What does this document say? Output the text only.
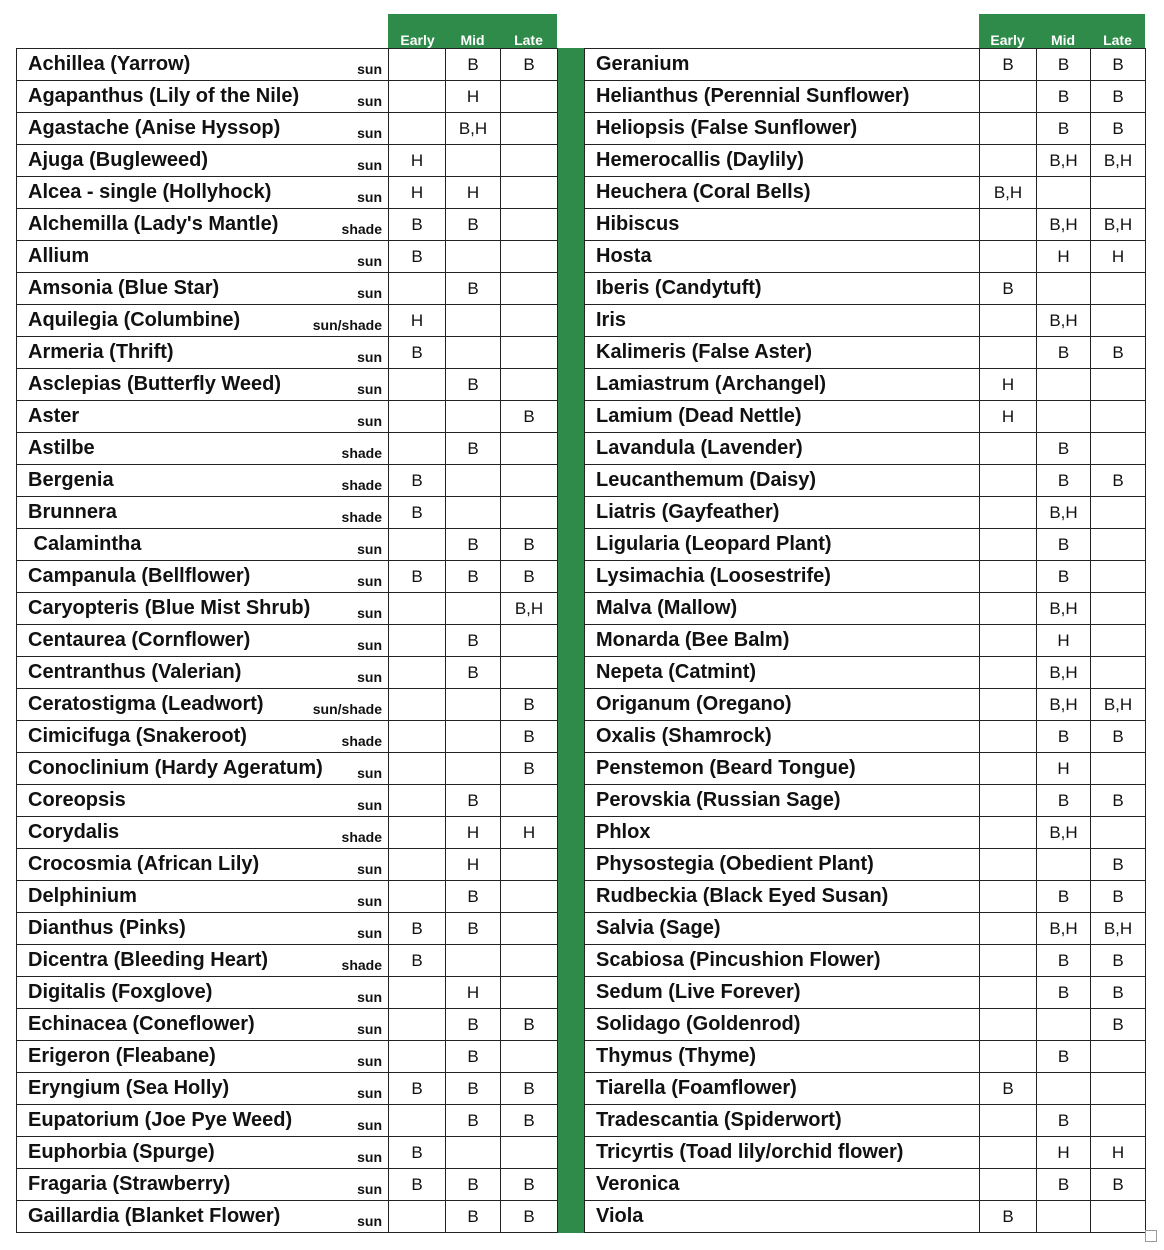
Early	Mid	Late	Early	Mid	Late
Achillea (Yarrow) sun		B	B
Agapanthus (Lily of the Nile) sun		H	
Agastache (Anise Hyssop) sun		B,H	
Ajuga (Bugleweed) sun	H		
Alcea - single (Hollyhock) sun	H	H	
Alchemilla (Lady's Mantle) shade	B	B	
Allium sun	B		
Amsonia (Blue Star) sun		B	
Aquilegia (Columbine) sun/shade	H		
Armeria (Thrift) sun	B		
Asclepias (Butterfly Weed) sun		B	
Aster sun			B
Astilbe shade		B	
Bergenia shade	B		
Brunnera shade	B		
Calamintha sun		B	B
Campanula (Bellflower) sun	B	B	B
Caryopteris (Blue Mist Shrub) sun			B,H
Centaurea (Cornflower) sun		B	
Centranthus (Valerian) sun		B	
Ceratostigma (Leadwort) sun/shade			B
Cimicifuga (Snakeroot) shade			B
Conoclinium (Hardy Ageratum) sun			B
Coreopsis sun		B	
Corydalis shade		H	H
Crocosmia (African Lily) sun		H	
Delphinium sun		B	
Dianthus (Pinks) sun	B	B	
Dicentra (Bleeding Heart) shade	B		
Digitalis (Foxglove) sun		H	
Echinacea (Coneflower) sun		B	B
Erigeron (Fleabane) sun		B	
Eryngium (Sea Holly) sun	B	B	B
Eupatorium (Joe Pye Weed) sun		B	B
Euphorbia (Spurge) sun	B		
Fragaria (Strawberry) sun	B	B	B
Gaillardia (Blanket Flower) sun		B	B
Geranium	B	B	B
Helianthus (Perennial Sunflower)		B	B
Heliopsis (False Sunflower)		B	B
Hemerocallis (Daylily)		B,H	B,H
Heuchera (Coral Bells)	B,H		
Hibiscus		B,H	B,H
Hosta		H	H
Iberis (Candytuft)	B		
Iris		B,H	
Kalimeris (False Aster)		B	B
Lamiastrum (Archangel)	H		
Lamium (Dead Nettle)	H		
Lavandula (Lavender)		B	
Leucanthemum (Daisy)		B	B
Liatris (Gayfeather)		B,H	
Ligularia (Leopard Plant)		B	
Lysimachia (Loosestrife)		B	
Malva (Mallow)		B,H	
Monarda (Bee Balm)		H	
Nepeta (Catmint)		B,H	
Origanum (Oregano)		B,H	B,H
Oxalis (Shamrock)		B	B
Penstemon (Beard Tongue)		H	
Perovskia (Russian Sage)		B	B
Phlox		B,H	
Physostegia (Obedient Plant)			B
Rudbeckia (Black Eyed Susan)		B	B
Salvia (Sage)		B,H	B,H
Scabiosa (Pincushion Flower)		B	B
Sedum (Live Forever)		B	B
Solidago (Goldenrod)			B
Thymus (Thyme)		B	
Tiarella (Foamflower)	B		
Tradescantia (Spiderwort)		B	
Tricyrtis (Toad lily/orchid flower)		H	H
Veronica		B	B
Viola	B		
